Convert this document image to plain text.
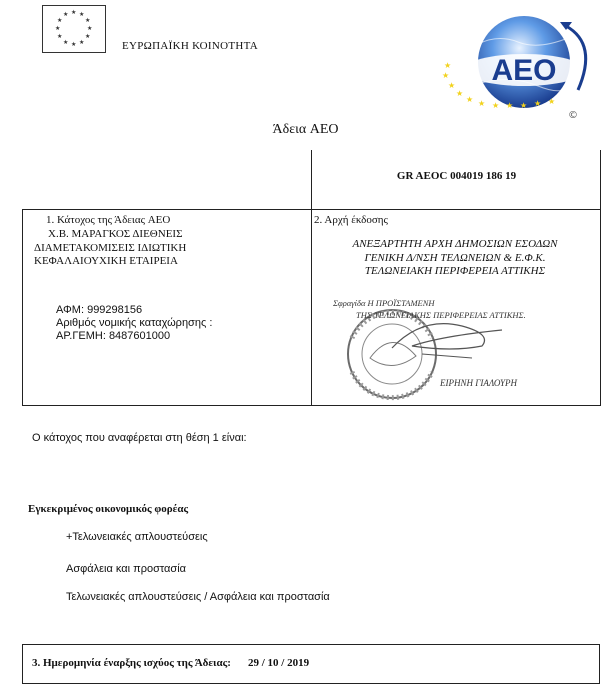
★ ★
★
★
★
★
★
★
★
★
★
★
ΕΥΡΩΠΑΪΚΗ ΚΟΙΝΟΤΗΤΑ
AEO
★
★
★ ★ ★ ★ ★ ★ ★
★
★
©
Άδεια AEO
GR AEOC 004019 186 19
1. Κάτοχος της Άδειας AEO
Χ.Β. ΜΑΡΑΓΚΟΣ ΔΙΕΘΝΕΙΣ
ΔΙΑΜΕΤΑΚΟΜΙΣΕΙΣ ΙΔΙΩΤΙΚΗ
ΚΕΦΑΛΑΙΟΥΧΙΚΗ ΕΤΑΙΡΕΙΑ
ΑΦΜ: 999298156
Αριθμός νομικής καταχώρησης :
ΑΡ.ΓΕΜΗ: 8487601000
2. Αρχή έκδοσης
ΑΝΕΞΑΡΤΗΤΗ ΑΡΧΗ ΔΗΜΟΣΙΩΝ ΕΣΟΔΩΝ
ΓΕΝΙΚΗ Δ/ΝΣΗ ΤΕΛΩΝΕΙΩΝ & Ε.Φ.Κ.
ΤΕΛΩΝΕΙΑΚΗ ΠΕΡΙΦΕΡΕΙΑ ΑΤΤΙΚΗΣ
Σφραγίδα Η ΠΡΟΪΣΤΑΜΕΝΗ
ΤΗΣ ΤΕΛΩΝΕΙΑΚΗΣ ΠΕΡΙΦΕΡΕΙΑΣ ΑΤΤΙΚΗΣ.
ΕΙΡΗΝΗ ΓΙΑΛΟΥΡΗ
Ο κάτοχος που αναφέρεται στη θέση 1 είναι:
Εγκεκριμένος οικονομικός φορέας
+Τελωνειακές απλουστεύσεις
Ασφάλεια και προστασία
Τελωνειακές απλουστεύσεις / Ασφάλεια και προστασία
3. Ημερομηνία έναρξης ισχύος της Άδειας: 29 / 10 / 2019
